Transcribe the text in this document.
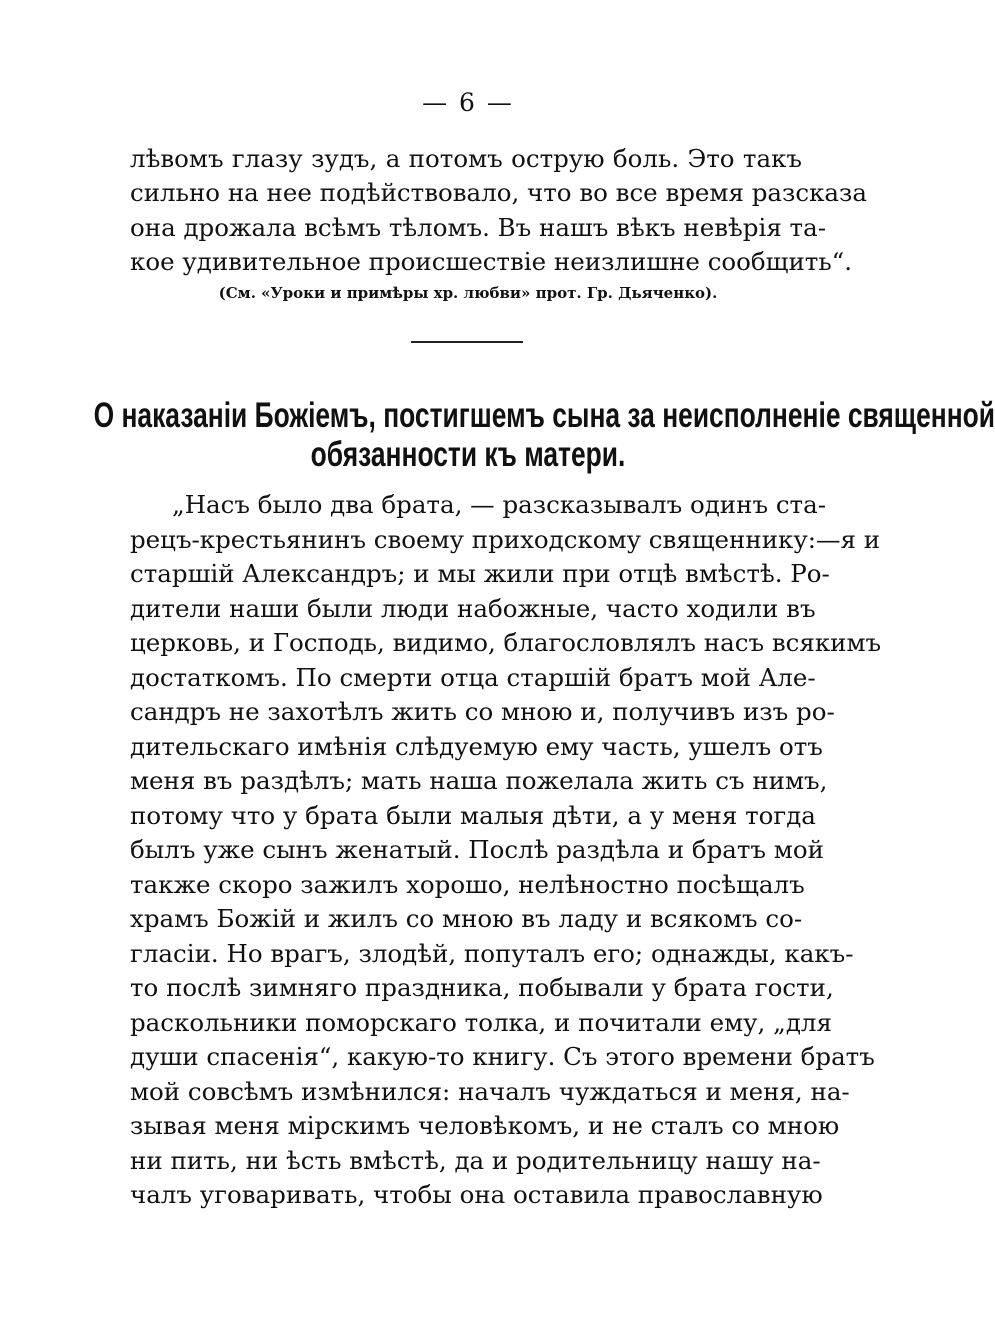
— 6 —
лѣвомъ глазу зудъ, а потомъ острую боль. Это такъ
сильно на нее подѣйствовало, что во все время разсказа
она дрожала всѣмъ тѣломъ. Въ нашъ вѣкъ невѣрія та-
кое удивительное происшествіе неизлишне сообщить“.
(См. «Уроки и примѣры хр. любви» прот. Гр. Дьяченко).
О наказаніи Божіемъ, постигшемъ сына за неисполненіе священной
обязанности къ матери.
„Насъ было два брата, — разсказывалъ одинъ ста-
рецъ-крестьянинъ своему приходскому священнику:—я и
старшій Александръ; и мы жили при отцѣ вмѣстѣ. Ро-
дители наши были люди набожные, часто ходили въ
церковь, и Господь, видимо, благословлялъ насъ всякимъ
достаткомъ. По смерти отца старшій братъ мой Але-
сандръ не захотѣлъ жить со мною и, получивъ изъ ро-
дительскаго имѣнія слѣдуемую ему часть, ушелъ отъ
меня въ раздѣлъ; мать наша пожелала жить съ нимъ,
потому что у брата были малыя дѣти, а у меня тогда
былъ уже сынъ женатый. Послѣ раздѣла и братъ мой
также скоро зажилъ хорошо, нелѣностно посѣщалъ
храмъ Божій и жилъ со мною въ ладу и всякомъ со-
гласіи. Но врагъ, злодѣй, попуталъ его; однажды, какъ-
то послѣ зимняго праздника, побывали у брата гости,
раскольники поморскаго толка, и почитали ему, „для
души спасенія“, какую-то книгу. Съ этого времени братъ
мой совсѣмъ измѣнился: началъ чуждаться и меня, на-
зывая меня мірскимъ человѣкомъ, и не сталъ со мною
ни пить, ни ѣсть вмѣстѣ, да и родительницу нашу на-
чалъ уговаривать, чтобы она оставила православную
